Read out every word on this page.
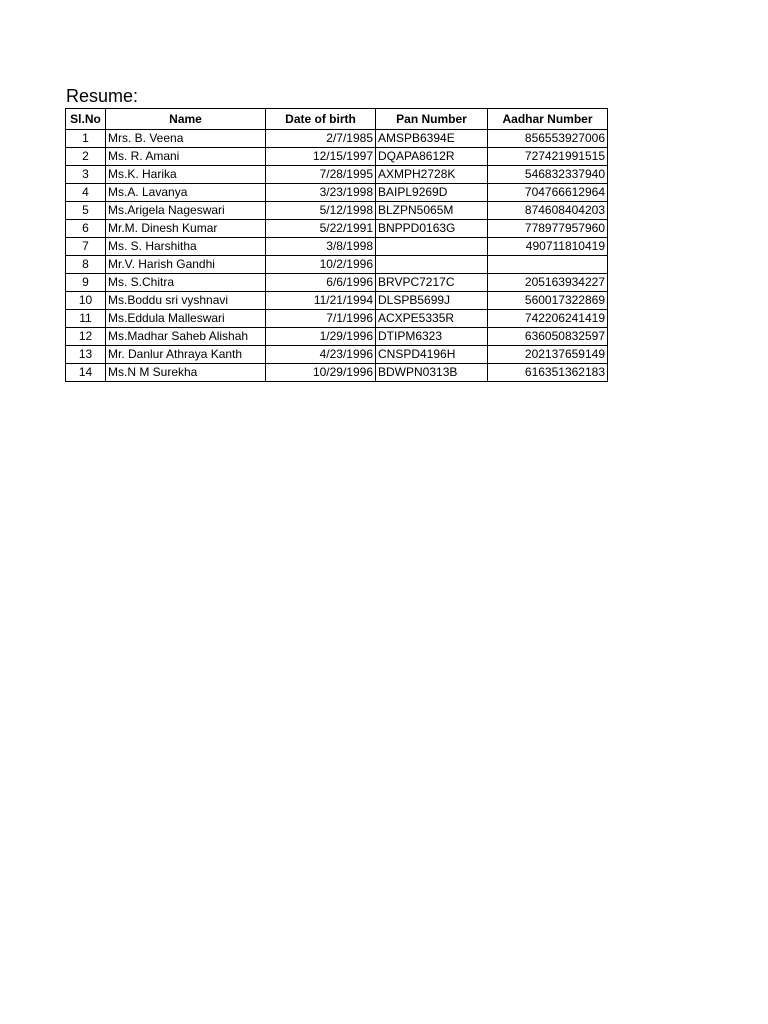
Resume:
Sl.No	Name	Date of birth	Pan Number	Aadhar Number
1	Mrs. B. Veena	2/7/1985	AMSPB6394E	856553927006
2	Ms. R. Amani	12/15/1997	DQAPA8612R	727421991515
3	Ms.K. Harika	7/28/1995	AXMPH2728K	546832337940
4	Ms.A. Lavanya	3/23/1998	BAIPL9269D	704766612964
5	Ms.Arigela Nageswari	5/12/1998	BLZPN5065M	874608404203
6	Mr.M. Dinesh Kumar	5/22/1991	BNPPD0163G	778977957960
7	Ms. S. Harshitha	3/8/1998		490711810419
8	Mr.V. Harish Gandhi	10/2/1996		
9	Ms. S.Chitra	6/6/1996	BRVPC7217C	205163934227
10	Ms.Boddu sri vyshnavi	11/21/1994	DLSPB5699J	560017322869
11	Ms.Eddula Malleswari	7/1/1996	ACXPE5335R	742206241419
12	Ms.Madhar Saheb Alishah	1/29/1996	DTIPM6323	636050832597
13	Mr. Danlur Athraya Kanth	4/23/1996	CNSPD4196H	202137659149
14	Ms.N M Surekha	10/29/1996	BDWPN0313B	616351362183
